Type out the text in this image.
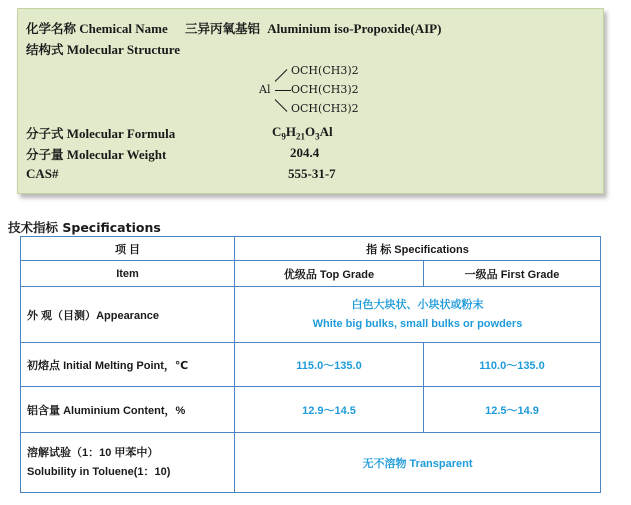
化学名称 Chemical Name 三异丙氧基铝 Aluminium iso-Propoxide(AIP)
结构式 Molecular Structure
Al
OCH(CH3)2
OCH(CH3)2
OCH(CH3)2
分子式 Molecular Formula	$C_9H_{21}O_3Al$
分子量 Molecular Weight	204.4
CAS#	555-31-7
技术指标 Specifications
项 目	指 标 Specifications	
Item	优级品 Top Grade	一级品 First Grade
外 观（目测）Appearance	白色大块状、小块状或粉末
White big bulks, small bulks or powders	

初熔点 Initial Melting Point，℃	115.0～135.0	110.0～135.0
铝含量 Aluminium Content，%	12.9～14.5	12.5～14.9

溶解试验（1：10 甲苯中）
Solubility in Toluene(1：10)	无不溶物 Transparent	
